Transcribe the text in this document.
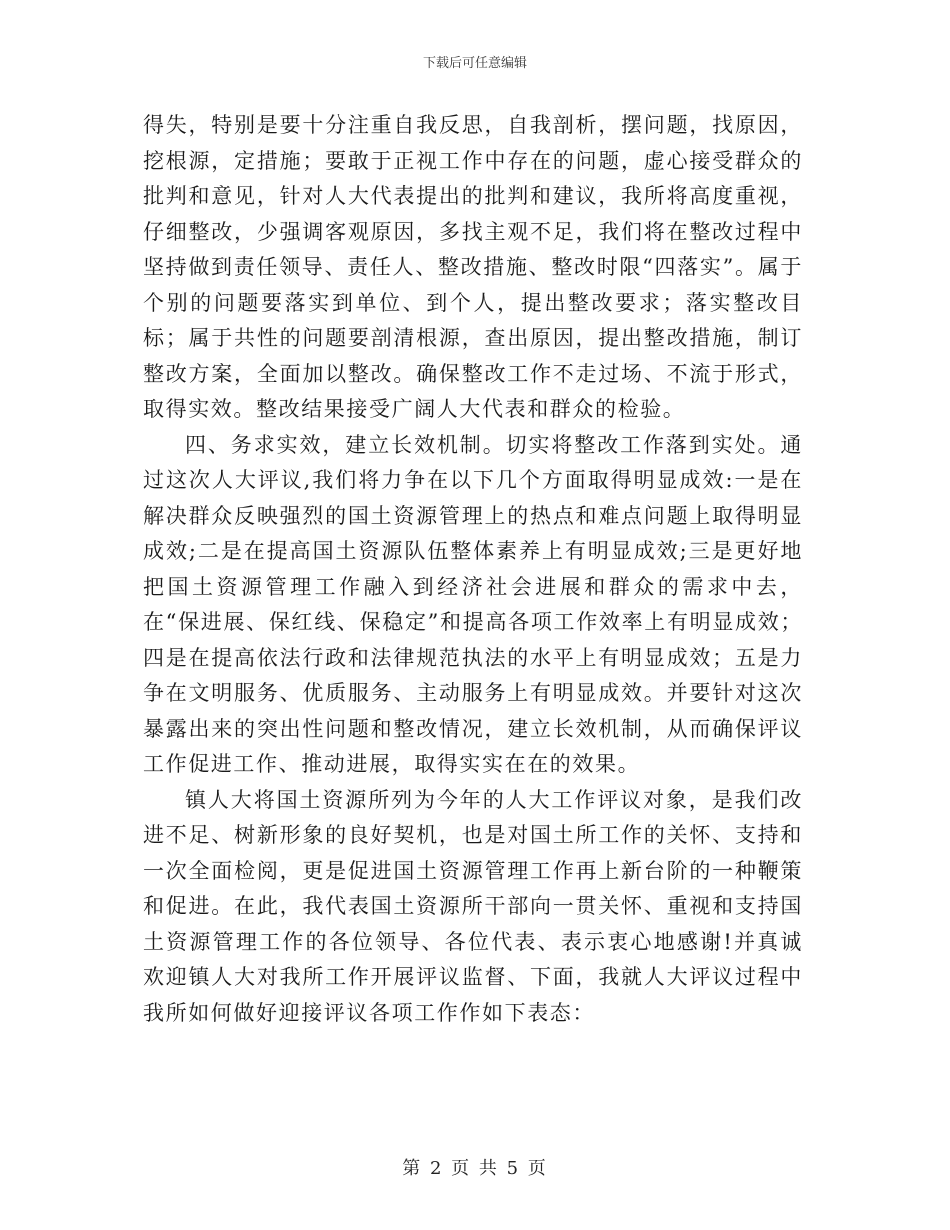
下载后可任意编辑

得失，特别是要十分注重自我反思，自我剖析，摆问题，找原因，挖根源，定措施；要敢于正视工作中存在的问题，虚心接受群众的批判和意见，针对人大代表提出的批判和建议，我所将高度重视，仔细整改，少强调客观原因，多找主观不足，我们将在整改过程中坚持做到责任领导、责任人、整改措施、整改时限“四落实”。属于个别的问题要落实到单位、到个人，提出整改要求；落实整改目标；属于共性的问题要剖清根源，查出原因，提出整改措施，制订整改方案，全面加以整改。确保整改工作不走过场、不流于形式，取得实效。整改结果接受广阔人大代表和群众的检验。

四、务求实效，建立长效机制。切实将整改工作落到实处。通过这次人大评议,我们将力争在以下几个方面取得明显成效:一是在解决群众反映强烈的国土资源管理上的热点和难点问题上取得明显成效;二是在提高国土资源队伍整体素养上有明显成效;三是更好地把国土资源管理工作融入到经济社会进展和群众的需求中去，在“保进展、保红线、保稳定”和提高各项工作效率上有明显成效；四是在提高依法行政和法律规范执法的水平上有明显成效；五是力争在文明服务、优质服务、主动服务上有明显成效。并要针对这次暴露出来的突出性问题和整改情况，建立长效机制，从而确保评议工作促进工作、推动进展，取得实实在在的效果。

镇人大将国土资源所列为今年的人大工作评议对象，是我们改进不足、树新形象的良好契机，也是对国土所工作的关怀、支持和一次全面检阅，更是促进国土资源管理工作再上新台阶的一种鞭策和促进。在此，我代表国土资源所干部向一贯关怀、重视和支持国土资源管理工作的各位领导、各位代表、表示衷心地感谢!并真诚欢迎镇人大对我所工作开展评议监督、下面，我就人大评议过程中我所如何做好迎接评议各项工作作如下表态：

第 2 页 共 5 页
